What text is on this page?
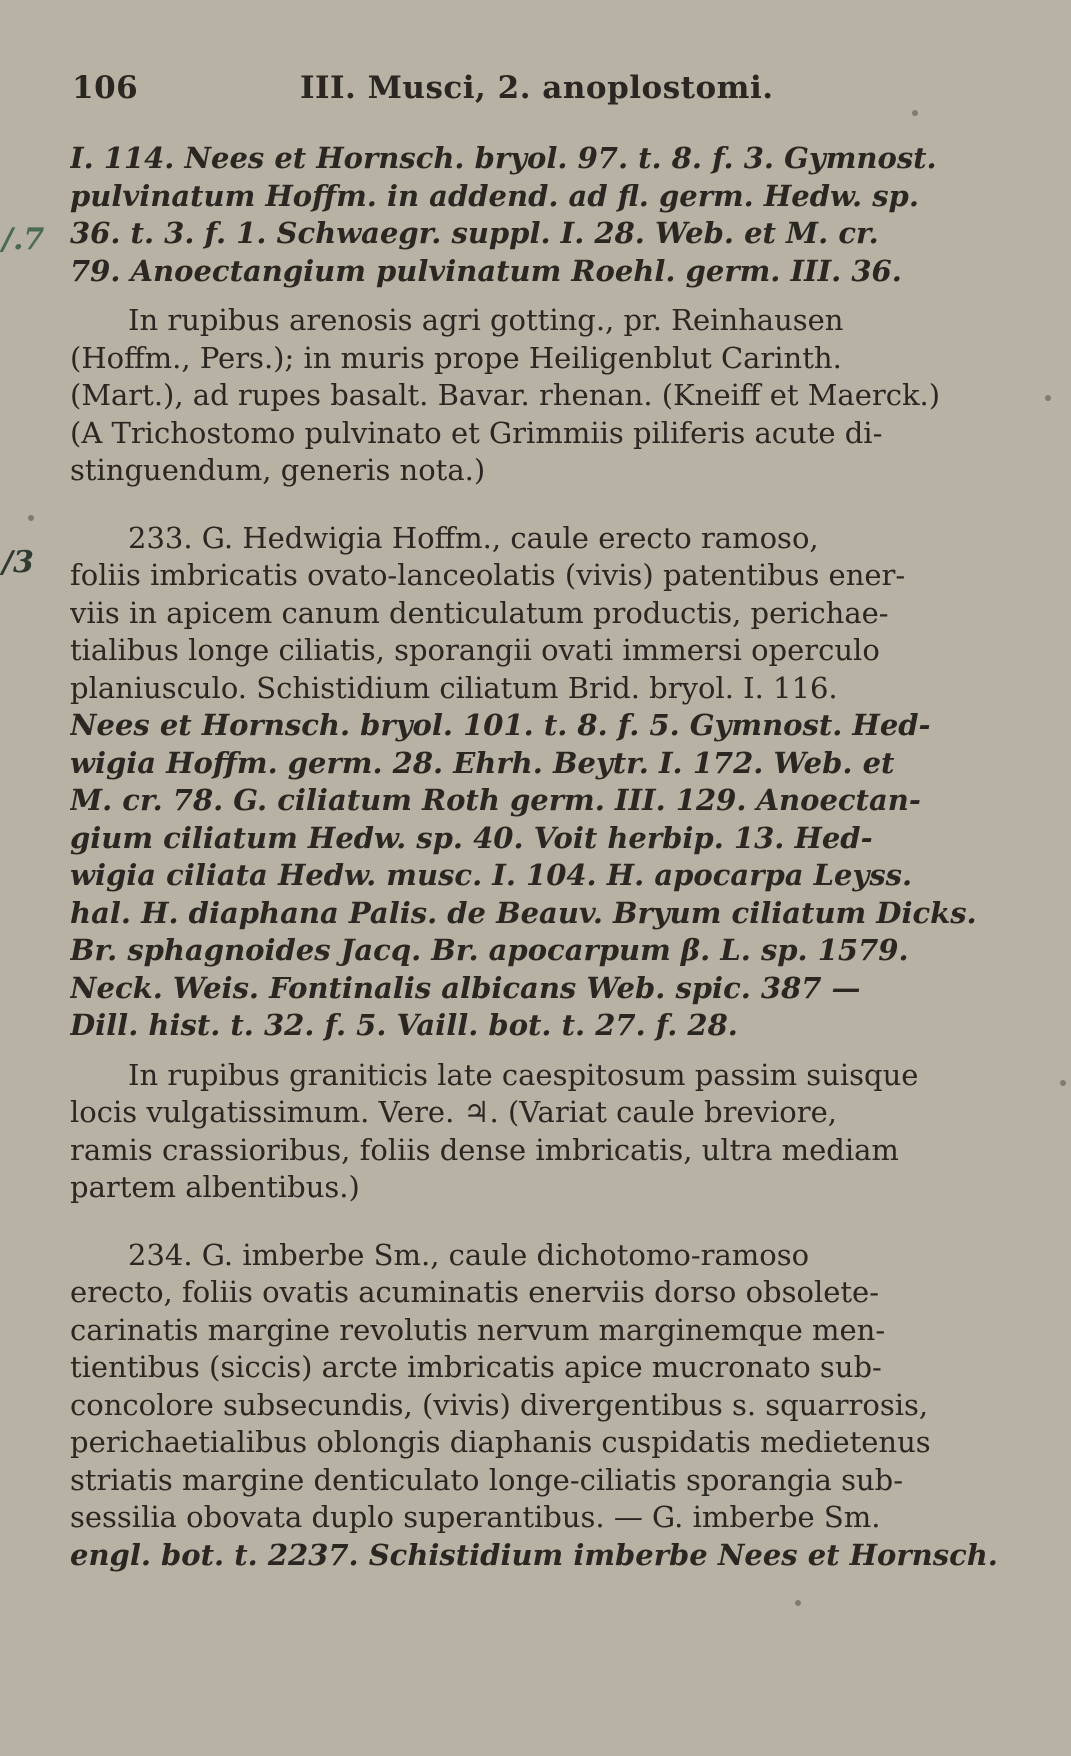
106	III. Musci, 2. anoplostomi.
/.7
/3
I. 114. Nees et Hornsch. bryol. 97. t. 8. f. 3. Gymnost.
pulvinatum Hoffm. in addend. ad fl. germ. Hedw. sp.
36. t. 3. f. 1. Schwaegr. suppl. I. 28. Web. et M. cr.
79. Anoectangium pulvinatum Roehl. germ. III. 36.
In rupibus arenosis agri gotting., pr. Reinhausen
(Hoffm., Pers.); in muris prope Heiligenblut Carinth.
(Mart.), ad rupes basalt. Bavar. rhenan. (Kneiff et Maerck.)
(A Trichostomo pulvinato et Grimmiis piliferis acute di-
stinguendum, generis nota.)
233. G. Hedwigia Hoffm., caule erecto ramoso,
foliis imbricatis ovato-lanceolatis (vivis) patentibus ener-
viis in apicem canum denticulatum productis, perichae-
tialibus longe ciliatis, sporangii ovati immersi operculo
planiusculo. Schistidium ciliatum Brid. bryol. I. 116.
Nees et Hornsch. bryol. 101. t. 8. f. 5. Gymnost. Hed-
wigia Hoffm. germ. 28. Ehrh. Beytr. I. 172. Web. et
M. cr. 78. G. ciliatum Roth germ. III. 129. Anoectan-
gium ciliatum Hedw. sp. 40. Voit herbip. 13. Hed-
wigia ciliata Hedw. musc. I. 104. H. apocarpa Leyss.
hal. H. diaphana Palis. de Beauv. Bryum ciliatum Dicks.
Br. sphagnoides Jacq. Br. apocarpum β. L. sp. 1579.
Neck. Weis. Fontinalis albicans Web. spic. 387 —
Dill. hist. t. 32. f. 5. Vaill. bot. t. 27. f. 28.
In rupibus graniticis late caespitosum passim suisque
locis vulgatissimum. Vere. ♃. (Variat caule breviore,
ramis crassioribus, foliis dense imbricatis, ultra mediam
partem albentibus.)
234. G. imberbe Sm., caule dichotomo-ramoso
erecto, foliis ovatis acuminatis enerviis dorso obsolete-
carinatis margine revolutis nervum marginemque men-
tientibus (siccis) arcte imbricatis apice mucronato sub-
concolore subsecundis, (vivis) divergentibus s. squarrosis,
perichaetialibus oblongis diaphanis cuspidatis medietenus
striatis margine denticulato longe-ciliatis sporangia sub-
sessilia obovata duplo superantibus. — G. imberbe Sm.
engl. bot. t. 2237. Schistidium imberbe Nees et Hornsch.
